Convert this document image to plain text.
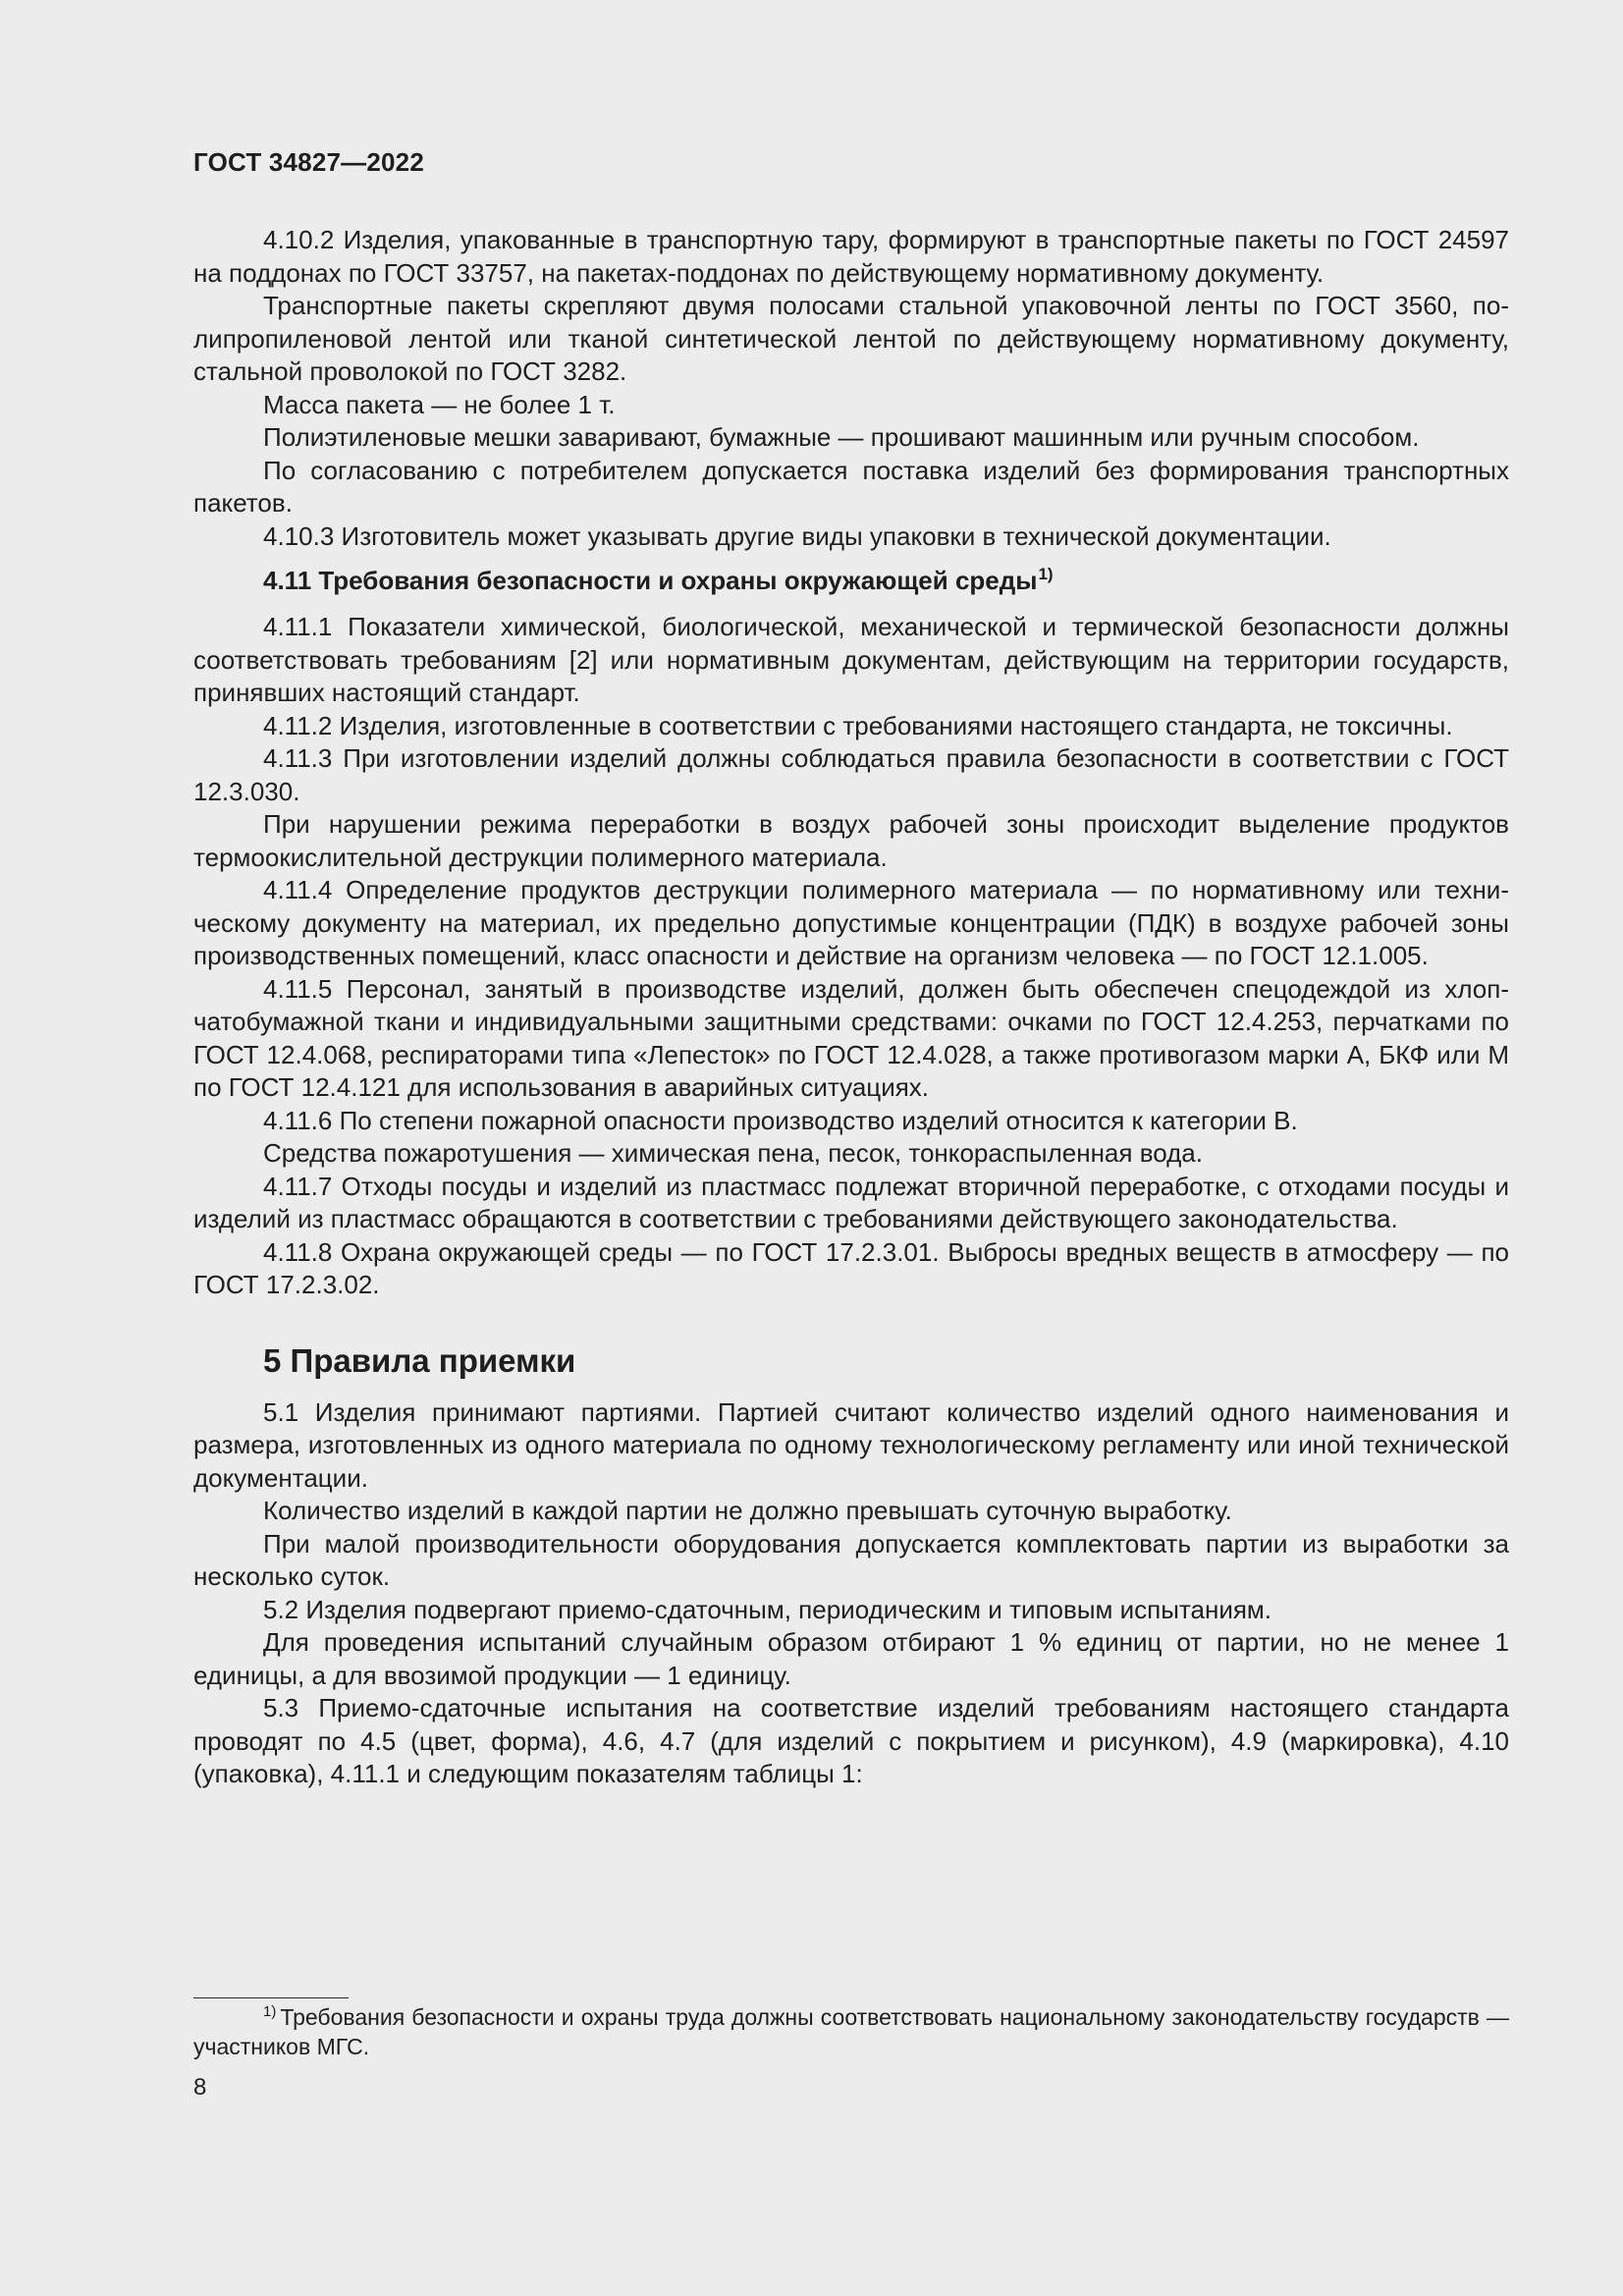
ГОСТ 34827—2022

4.10.2 Изделия, упакованные в транспортную тару, формируют в транспортные пакеты по ГОСТ 24597 на поддонах по ГОСТ 33757, на пакетах-поддонах по действующему нормативному документу.

Транспортные пакеты скрепляют двумя полосами стальной упаковочной ленты по ГОСТ 3560, полипропиленовой лентой или тканой синтетической лентой по действующему нормативному документу, стальной проволокой по ГОСТ 3282.

Масса пакета — не более 1 т.

Полиэтиленовые мешки заваривают, бумажные — прошивают машинным или ручным способом.

По согласованию с потребителем допускается поставка изделий без формирования транспортных пакетов.

4.10.3 Изготовитель может указывать другие виды упаковки в технической документации.

4.11 Требования безопасности и охраны окружающей среды$^{1)}$

4.11.1 Показатели химической, биологической, механической и термической безопасности должны соответствовать требованиям [2] или нормативным документам, действующим на территории государств, принявших настоящий стандарт.

4.11.2 Изделия, изготовленные в соответствии с требованиями настоящего стандарта, не токсичны.

4.11.3 При изготовлении изделий должны соблюдаться правила безопасности в соответствии с ГОСТ 12.3.030.

При нарушении режима переработки в воздух рабочей зоны происходит выделение продуктов термоокислительной деструкции полимерного материала.

4.11.4 Определение продуктов деструкции полимерного материала — по нормативному или техническому документу на материал, их предельно допустимые концентрации (ПДК) в воздухе рабочей зоны производственных помещений, класс опасности и действие на организм человека — по ГОСТ 12.1.005.

4.11.5 Персонал, занятый в производстве изделий, должен быть обеспечен спецодеждой из хлопчатобумажной ткани и индивидуальными защитными средствами: очками по ГОСТ 12.4.253, перчатками по ГОСТ 12.4.068, респираторами типа «Лепесток» по ГОСТ 12.4.028, а также противогазом марки А, БКФ или М по ГОСТ 12.4.121 для использования в аварийных ситуациях.

4.11.6 По степени пожарной опасности производство изделий относится к категории В.

Средства пожаротушения — химическая пена, песок, тонкораспыленная вода.

4.11.7 Отходы посуды и изделий из пластмасс подлежат вторичной переработке, с отходами посуды и изделий из пластмасс обращаются в соответствии с требованиями действующего законодательства.

4.11.8 Охрана окружающей среды — по ГОСТ 17.2.3.01. Выбросы вредных веществ в атмосферу — по ГОСТ 17.2.3.02.

5 Правила приемки

5.1 Изделия принимают партиями. Партией считают количество изделий одного наименования и размера, изготовленных из одного материала по одному технологическому регламенту или иной технической документации.

Количество изделий в каждой партии не должно превышать суточную выработку.

При малой производительности оборудования допускается комплектовать партии из выработки за несколько суток.

5.2 Изделия подвергают приемо-сдаточным, периодическим и типовым испытаниям.

Для проведения испытаний случайным образом отбирают 1 % единиц от партии, но не менее 1 единицы, а для ввозимой продукции — 1 единицу.

5.3 Приемо-сдаточные испытания на соответствие изделий требованиям настоящего стандарта проводят по 4.5 (цвет, форма), 4.6, 4.7 (для изделий с покрытием и рисунком), 4.9 (маркировка), 4.10 (упаковка), 4.11.1 и следующим показателям таблицы 1:

$^{1)}$ Требования безопасности и охраны труда должны соответствовать национальному законодательству государств — участников МГС.
8
